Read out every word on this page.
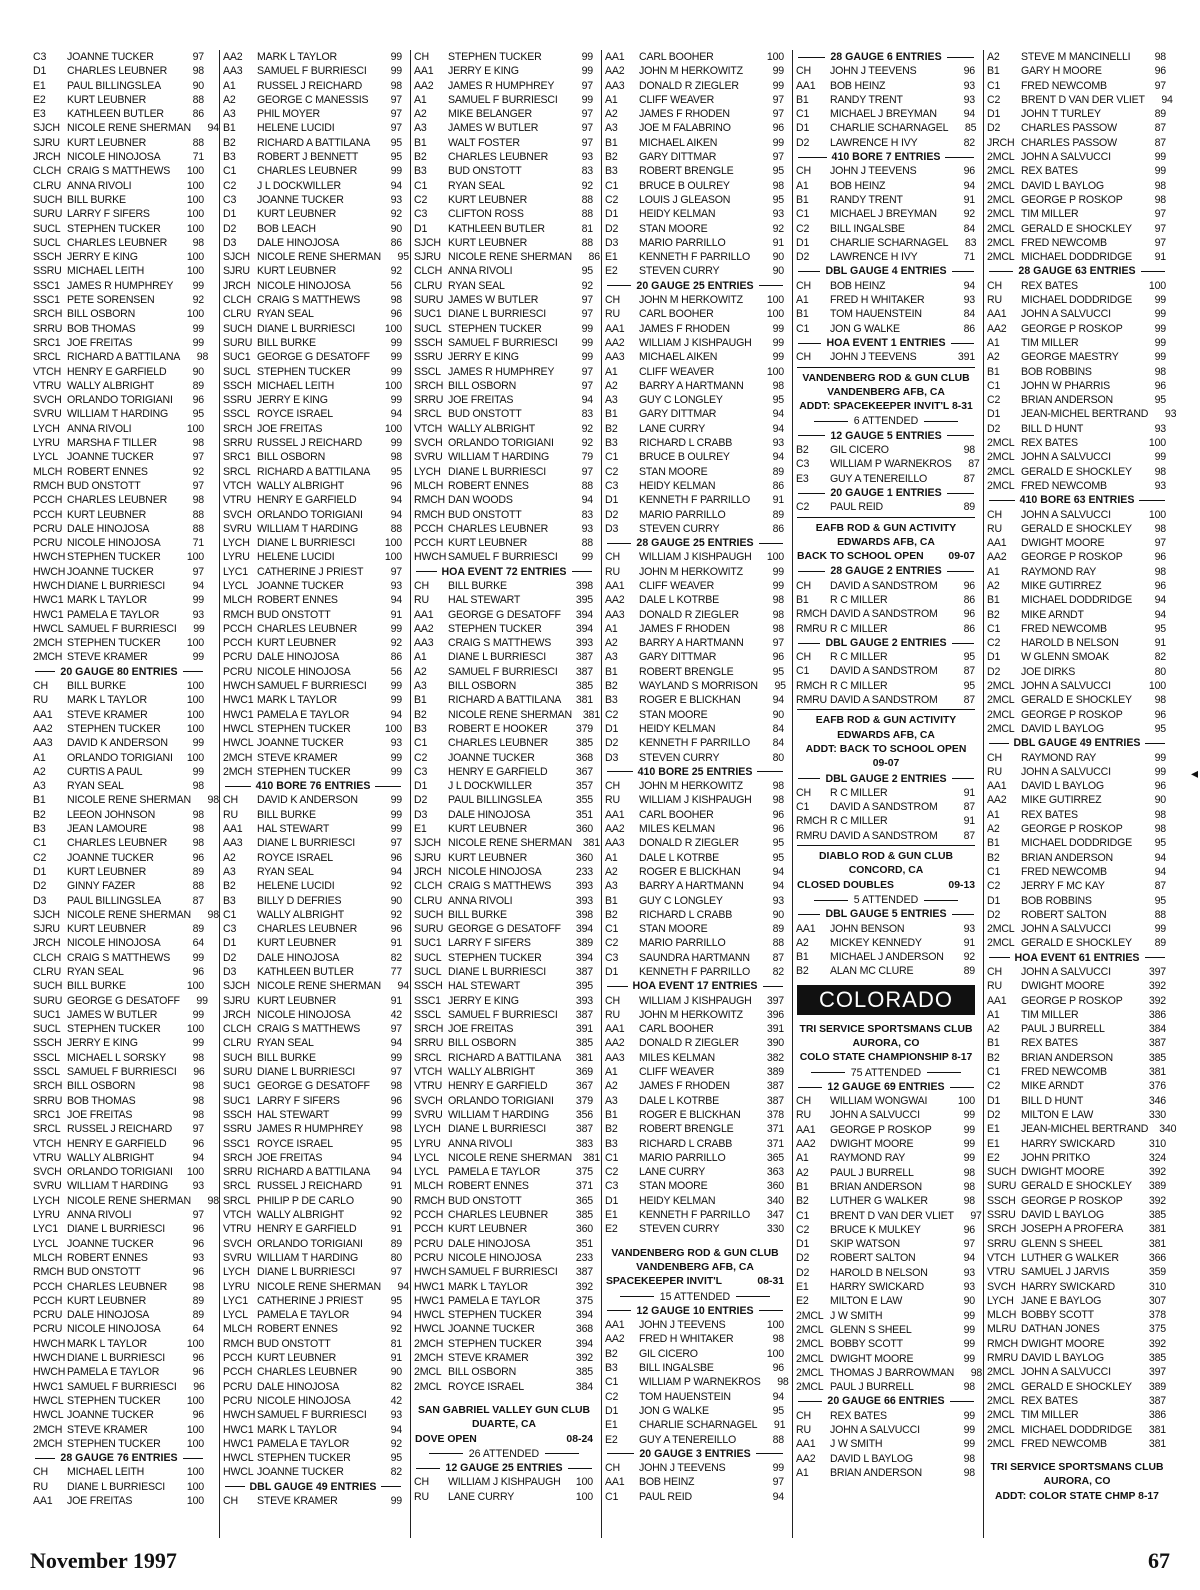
C3	JOANNE TUCKER	97
D1	CHARLES LEUBNER	98
E1	PAUL BILLINGSLEA	90
E2	KURT LEUBNER	88
E3	KATHLEEN BUTLER	86
SJCH NICOLE RENE SHERMAN	94
SJRU KURT LEUBNER	88
JRCH NICOLE HINOJOSA	71
CLCH CRAIG S MATTHEWS	100
CLRU ANNA RIVOLI	100
SUCH BILL BURKE	100
SURU LARRY F SIFERS	100
SUCL STEPHEN TUCKER	100
SUCL CHARLES LEUBNER	98
SSCH JERRY E KING	100
SSRU MICHAEL LEITH	100
SSC1 JAMES R HUMPHREY	99
SSC1 PETE SORENSEN	92
SRCH BILL OSBORN	100
SRRU BOB THOMAS	99
SRC1 JOE FREITAS	99
SRCL RICHARD A BATTILANA	98
VTCH HENRY E GARFIELD	90
VTRU WALLY ALBRIGHT	89
SVCH ORLANDO TORIGIANI	96
SVRU WILLIAM T HARDING	95
LYCH ANNA RIVOLI	100
LYRU MARSHA F TILLER	98
LYCL JOANNE TUCKER	97
MLCH ROBERT ENNES	92
RMCH BUD ONSTOTT	97
PCCH CHARLES LEUBNER	98
PCCH KURT LEUBNER	88
PCRU DALE HINOJOSA	88
PCRU NICOLE HINOJOSA	71
HWCH STEPHEN TUCKER	100
HWCH JOANNE TUCKER	97
HWCH DIANE L BURRIESCI	94
HWC1 MARK L TAYLOR	99
HWC1 PAMELA E TAYLOR	93
HWCL SAMUEL F BURRIESCI	99
2MCH STEPHEN TUCKER	100
2MCH STEVE KRAMER	99
20 GAUGE 80 ENTRIES
CH	BILL BURKE	100
RU	MARK L TAYLOR	100
AA1	STEVE KRAMER	100
AA2	STEPHEN TUCKER	100
AA3	DAVID K ANDERSON	99
A1	ORLANDO TORIGIANI	100
A2	CURTIS A PAUL	99
A3	RYAN SEAL	98
B1	NICOLE RENE SHERMAN	98
B2	LEEON JOHNSON	98
B3	JEAN LAMOURE	98
C1	CHARLES LEUBNER	98
C2	JOANNE TUCKER	96
D1	KURT LEUBNER	89
D2	GINNY FAZER	88
D3	PAUL BILLINGSLEA	87
SJCH NICOLE RENE SHERMAN	98
SJRU KURT LEUBNER	89
JRCH NICOLE HINOJOSA	64
CLCH CRAIG S MATTHEWS	99
CLRU RYAN SEAL	96
SUCH BILL BURKE	100
SURU GEORGE G DESATOFF	99
SUC1 JAMES W BUTLER	99
SUCL STEPHEN TUCKER	100
SSCH JERRY E KING	99
SSCL MICHAEL L SORSKY	98
SSCL SAMUEL F BURRIESCI	96
SRCH BILL OSBORN	98
SRRU BOB THOMAS	98
SRC1 JOE FREITAS	98
SRCL RUSSEL J REICHARD	97
VTCH HENRY E GARFIELD	96
VTRU WALLY ALBRIGHT	94
SVCH ORLANDO TORIGIANI	100
SVRU WILLIAM T HARDING	93
LYCH NICOLE RENE SHERMAN	98
LYRU ANNA RIVOLI	97
LYC1 DIANE L BURRIESCI	96
LYCL JOANNE TUCKER	96
MLCH ROBERT ENNES	93
RMCH BUD ONSTOTT	96
PCCH CHARLES LEUBNER	98
PCCH KURT LEUBNER	89
PCRU DALE HINOJOSA	89
PCRU NICOLE HINOJOSA	64
HWCH MARK L TAYLOR	100
HWCH DIANE L BURRIESCI	96
HWCH PAMELA E TAYLOR	96
HWC1 SAMUEL F BURRIESCI	96
HWCL STEPHEN TUCKER	100
HWCL JOANNE TUCKER	96
2MCH STEVE KRAMER	100
2MCH STEPHEN TUCKER	100
28 GAUGE 76 ENTRIES
CH	MICHAEL LEITH	100
RU	DIANE L BURRIESCI	100
AA1	JOE FREITAS	100
AA2	MARK L TAYLOR	99
AA3	SAMUEL F BURRIESCI	99
A1	RUSSEL J REICHARD	98
A2	GEORGE C MANESSIS	97
A3	PHIL MOYER	97
B1	HELENE LUCIDI	97
B2	RICHARD A BATTILANA	95
B3	ROBERT J BENNETT	95
C1	CHARLES LEUBNER	99
C2	J L DOCKWILLER	94
C3	JOANNE TUCKER	93
D1	KURT LEUBNER	92
D2	BOB LEACH	90
D3	DALE HINOJOSA	86
SJCH NICOLE RENE SHERMAN	95
SJRU KURT LEUBNER	92
JRCH NICOLE HINOJOSA	56
CLCH CRAIG S MATTHEWS	98
CLRU RYAN SEAL	96
SUCH DIANE L BURRIESCI	100
SURU BILL BURKE	99
SUC1 GEORGE G DESATOFF	99
SUCL STEPHEN TUCKER	99
SSCH MICHAEL LEITH	100
SSRU JERRY E KING	99
SSCL ROYCE ISRAEL	94
SRCH JOE FREITAS	100
SRRU RUSSEL J REICHARD	99
SRC1 BILL OSBORN	98
SRCL RICHARD A BATTILANA	95
VTCH WALLY ALBRIGHT	96
VTRU HENRY E GARFIELD	94
SVCH ORLANDO TORIGIANI	94
SVRU WILLIAM T HARDING	88
LYCH DIANE L BURRIESCI	100
LYRU HELENE LUCIDI	100
LYC1 CATHERINE J PRIEST	97
LYCL JOANNE TUCKER	93
MLCH ROBERT ENNES	94
RMCH BUD ONSTOTT	91
PCCH CHARLES LEUBNER	99
PCCH KURT LEUBNER	92
PCRU DALE HINOJOSA	86
PCRU NICOLE HINOJOSA	56
HWCH SAMUEL F BURRIESCI	99
HWC1 MARK L TAYLOR	99
HWC1 PAMELA E TAYLOR	94
HWCL STEPHEN TUCKER	100
HWCL JOANNE TUCKER	93
2MCH STEVE KRAMER	99
2MCH STEPHEN TUCKER	99
410 BORE 76 ENTRIES
CH	DAVID K ANDERSON	99
RU	BILL BURKE	99
AA1	HAL STEWART	99
AA3	DIANE L BURRIESCI	97
A2	ROYCE ISRAEL	96
A3	RYAN SEAL	94
B2	HELENE LUCIDI	92
B3	BILLY D DEFRIES	90
C1	WALLY ALBRIGHT	92
C3	CHARLES LEUBNER	96
D1	KURT LEUBNER	91
D2	DALE HINOJOSA	82
D3	KATHLEEN BUTLER	77
SJCH NICOLE RENE SHERMAN	94
SJRU KURT LEUBNER	91
JRCH NICOLE HINOJOSA	42
CLCH CRAIG S MATTHEWS	97
CLRU RYAN SEAL	94
SUCH BILL BURKE	99
SURU DIANE L BURRIESCI	97
SUC1 GEORGE G DESATOFF	98
SUC1 LARRY F SIFERS	96
SSCH HAL STEWART	99
SSRU JAMES R HUMPHREY	98
SSC1 ROYCE ISRAEL	95
SRCH JOE FREITAS	94
SRRU RICHARD A BATTILANA	94
SRCL RUSSEL J REICHARD	91
SRCL PHILIP P DE CARLO	90
VTCH WALLY ALBRIGHT	92
VTRU HENRY E GARFIELD	91
SVCH ORLANDO TORIGIANI	89
SVRU WILLIAM T HARDING	80
LYCH DIANE L BURRIESCI	97
LYRU NICOLE RENE SHERMAN	94
LYC1 CATHERINE J PRIEST	95
LYCL PAMELA E TAYLOR	94
MLCH ROBERT ENNES	92
RMCH BUD ONSTOTT	81
PCCH KURT LEUBNER	91
PCCH CHARLES LEUBNER	90
PCRU DALE HINOJOSA	82
PCRU NICOLE HINOJOSA	42
HWCH SAMUEL F BURRIESCI	93
HWC1 MARK L TAYLOR	94
HWC1 PAMELA E TAYLOR	92
HWCL STEPHEN TUCKER	95
HWCL JOANNE TUCKER	82
DBL GAUGE 49 ENTRIES
CH	STEVE KRAMER	99
CH	STEPHEN TUCKER	99
AA1	JERRY E KING	99
AA2	JAMES R HUMPHREY	97
A1	SAMUEL F BURRIESCI	99
A2	MIKE BELANGER	97
A3	JAMES W BUTLER	97
B1	WALT FOSTER	97
B2	CHARLES LEUBNER	93
B3	BUD ONSTOTT	83
C1	RYAN SEAL	92
C2	KURT LEUBNER	88
C3	CLIFTON ROSS	88
D1	KATHLEEN BUTLER	81
SJCH KURT LEUBNER	88
SJRU NICOLE RENE SHERMAN	86
CLCH ANNA RIVOLI	95
CLRU RYAN SEAL	92
SURU JAMES W BUTLER	97
SUC1 DIANE L BURRIESCI	97
SUCL STEPHEN TUCKER	99
SSCH SAMUEL F BURRIESCI	99
SSRU JERRY E KING	99
SSCL JAMES R HUMPHREY	97
SRCH BILL OSBORN	97
SRRU JOE FREITAS	94
SRCL BUD ONSTOTT	83
VTCH WALLY ALBRIGHT	92
SVCH ORLANDO TORIGIANI	92
SVRU WILLIAM T HARDING	79
LYCH DIANE L BURRIESCI	97
MLCH ROBERT ENNES	88
RMCH DAN WOODS	94
RMCH BUD ONSTOTT	83
PCCH CHARLES LEUBNER	93
PCCH KURT LEUBNER	88
HWCH SAMUEL F BURRIESCI	99
HOA EVENT 72 ENTRIES
CH	BILL BURKE	398
RU	HAL STEWART	395
AA1	GEORGE G DESATOFF	394
AA2	STEPHEN TUCKER	394
AA3	CRAIG S MATTHEWS	393
A1	DIANE L BURRIESCI	387
A2	SAMUEL F BURRIESCI	387
A3	BILL OSBORN	385
B1	RICHARD A BATTILANA	381
B2	NICOLE RENE SHERMAN	381
B3	ROBERT E HOOKER	379
C1	CHARLES LEUBNER	385
C2	JOANNE TUCKER	368
C3	HENRY E GARFIELD	367
D1	J L DOCKWILLER	357
D2	PAUL BILLINGSLEA	355
D3	DALE HINOJOSA	351
E1	KURT LEUBNER	360
SJCH NICOLE RENE SHERMAN	381
SJRU KURT LEUBNER	360
JRCH NICOLE HINOJOSA	233
CLCH CRAIG S MATTHEWS	393
CLRU ANNA RIVOLI	393
SUCH BILL BURKE	398
SURU GEORGE G DESATOFF	394
SUC1 LARRY F SIFERS	389
SUCL STEPHEN TUCKER	394
SUCL DIANE L BURRIESCI	387
SSCH HAL STEWART	395
SSC1 JERRY E KING	393
SSCL SAMUEL F BURRIESCI	387
SRCH JOE FREITAS	391
SRRU BILL OSBORN	385
SRCL RICHARD A BATTILANA	381
VTCH WALLY ALBRIGHT	369
VTRU HENRY E GARFIELD	367
SVCH ORLANDO TORIGIANI	379
SVRU WILLIAM T HARDING	356
LYCH DIANE L BURRIESCI	387
LYRU ANNA RIVOLI	383
LYCL NICOLE RENE SHERMAN	381
LYCL PAMELA E TAYLOR	375
MLCH ROBERT ENNES	371
RMCH BUD ONSTOTT	365
PCCH CHARLES LEUBNER	385
PCCH KURT LEUBNER	360
PCRU DALE HINOJOSA	351
PCRU NICOLE HINOJOSA	233
HWCH SAMUEL F BURRIESCI	387
HWC1 MARK L TAYLOR	392
HWC1 PAMELA E TAYLOR	375
HWCL STEPHEN TUCKER	394
HWCL JOANNE TUCKER	368
2MCH STEPHEN TUCKER	394
2MCH STEVE KRAMER	392
2MCL BILL OSBORN	385
2MCL ROYCE ISRAEL	384
SAN GABRIEL VALLEY GUN CLUB
DUARTE, CA
DOVE OPEN	08-24
26 ATTENDED
12 GAUGE 25 ENTRIES
CH	WILLIAM J KISHPAUGH	100
RU	LANE CURRY	100
AA1	CARL BOOHER	100
AA2	JOHN M HERKOWITZ	99
AA3	DONALD R ZIEGLER	99
A1	CLIFF WEAVER	97
A2	JAMES F RHODEN	97
A3	JOE M FALABRINO	96
B1	MICHAEL AIKEN	99
B2	GARY DITTMAR	97
B3	ROBERT BRENGLE	95
C1	BRUCE B OULREY	98
C2	LOUIS J GLEASON	95
D1	HEIDY KELMAN	93
D2	STAN MOORE	92
D3	MARIO PARRILLO	91
E1	KENNETH F PARRILLO	90
E2	STEVEN CURRY	90
20 GAUGE 25 ENTRIES
CH	JOHN M HERKOWITZ	100
RU	CARL BOOHER	100
AA1	JAMES F RHODEN	99
AA2	WILLIAM J KISHPAUGH	99
AA3	MICHAEL AIKEN	99
A1	CLIFF WEAVER	100
A2	BARRY A HARTMANN	98
A3	GUY C LONGLEY	95
B1	GARY DITTMAR	94
B2	LANE CURRY	94
B3	RICHARD L CRABB	93
C1	BRUCE B OULREY	94
C2	STAN MOORE	89
C3	HEIDY KELMAN	86
D1	KENNETH F PARRILLO	91
D2	MARIO PARRILLO	89
D3	STEVEN CURRY	86
28 GAUGE 25 ENTRIES
CH	WILLIAM J KISHPAUGH	100
RU	JOHN M HERKOWITZ	99
AA1	CLIFF WEAVER	99
AA2	DALE L KOTRBE	98
AA3	DONALD R ZIEGLER	98
A1	JAMES F RHODEN	98
A2	BARRY A HARTMANN	97
A3	GARY DITTMAR	96
B1	ROBERT BRENGLE	95
B2	WAYLAND S MORRISON	95
B3	ROGER E BLICKHAN	94
C2	STAN MOORE	90
D1	HEIDY KELMAN	84
D2	KENNETH F PARRILLO	84
D3	STEVEN CURRY	80
410 BORE 25 ENTRIES
CH	JOHN M HERKOWITZ	98
RU	WILLIAM J KISHPAUGH	98
AA1	CARL BOOHER	96
AA2	MILES KELMAN	96
AA3	DONALD R ZIEGLER	95
A1	DALE L KOTRBE	95
A2	ROGER E BLICKHAN	94
A3	BARRY A HARTMANN	94
B1	GUY C LONGLEY	93
B2	RICHARD L CRABB	90
C1	STAN MOORE	89
C2	MARIO PARRILLO	88
C3	SAUNDRA HARTMANN	87
D1	KENNETH F PARRILLO	82
HOA EVENT 17 ENTRIES
CH	WILLIAM J KISHPAUGH	397
RU	JOHN M HERKOWITZ	396
AA1	CARL BOOHER	391
AA2	DONALD R ZIEGLER	390
AA3	MILES KELMAN	382
A1	CLIFF WEAVER	389
A2	JAMES F RHODEN	387
A3	DALE L KOTRBE	387
B1	ROGER E BLICKHAN	378
B2	ROBERT BRENGLE	371
B3	RICHARD L CRABB	371
C1	MARIO PARRILLO	365
C2	LANE CURRY	363
C3	STAN MOORE	360
D1	HEIDY KELMAN	340
E1	KENNETH F PARRILLO	347
E2	STEVEN CURRY	330
VANDENBERG ROD & GUN CLUB
VANDENBERG AFB, CA
SPACEKEEPER INVIT'L	08-31
15 ATTENDED
12 GAUGE 10 ENTRIES
AA1	JOHN J TEEVENS	100
AA2	FRED H WHITAKER	98
B2	GIL CICERO	100
B3	BILL INGALSBE	96
C1	WILLIAM P WARNEKROS	98
C2	TOM HAUENSTEIN	94
D1	JON G WALKE	95
E1	CHARLIE SCHARNAGEL	91
E2	GUY A TENEREILLO	88
20 GAUGE 3 ENTRIES
CH	JOHN J TEEVENS	99
AA1	BOB HEINZ	97
C1	PAUL REID	94
28 GAUGE 6 ENTRIES
CH	JOHN J TEEVENS	96
AA1	BOB HEINZ	93
B1	RANDY TRENT	93
C1	MICHAEL J BREYMAN	94
D1	CHARLIE SCHARNAGEL	85
D2	LAWRENCE H IVY	82
410 BORE 7 ENTRIES
CH	JOHN J TEEVENS	96
A1	BOB HEINZ	94
B1	RANDY TRENT	91
C1	MICHAEL J BREYMAN	92
C2	BILL INGALSBE	84
D1	CHARLIE SCHARNAGEL	83
D2	LAWRENCE H IVY	71
DBL GAUGE 4 ENTRIES
CH	BOB HEINZ	94
A1	FRED H WHITAKER	93
B1	TOM HAUENSTEIN	84
C1	JON G WALKE	86
HOA EVENT 1 ENTRIES
CH	JOHN J TEEVENS	391
VANDENBERG ROD & GUN CLUB
VANDENBERG AFB, CA
ADDT: SPACEKEEPER INVIT'L 8-31
6 ATTENDED
12 GAUGE 5 ENTRIES
B2	GIL CICERO	98
C3	WILLIAM P WARNEKROS	87
E3	GUY A TENEREILLO	87
20 GAUGE 1 ENTRIES
C2	PAUL REID	89
EAFB ROD & GUN ACTIVITY
EDWARDS AFB, CA
BACK TO SCHOOL OPEN 09-07
28 GAUGE 2 ENTRIES
CH	DAVID A SANDSTROM	96
B1	R C MILLER	86
RMCH DAVID A SANDSTROM	96
RMRU R C MILLER	86
DBL GAUGE 2 ENTRIES
CH	R C MILLER	95
C1	DAVID A SANDSTROM	87
RMCH R C MILLER	95
RMRU DAVID A SANDSTROM	87
EAFB ROD & GUN ACTIVITY
EDWARDS AFB, CA
ADDT: BACK TO SCHOOL OPEN
09-07
DBL GAUGE 2 ENTRIES
CH	R C MILLER	91
C1	DAVID A SANDSTROM	87
RMCH R C MILLER	91
RMRU DAVID A SANDSTROM	87
DIABLO ROD & GUN CLUB
CONCORD, CA
CLOSED DOUBLES	09-13
5 ATTENDED
DBL GAUGE 5 ENTRIES
AA1	JOHN BENSON	93
A2	MICKEY KENNEDY	91
B1	MICHAEL J ANDERSON	92
B2	ALAN MC CLURE	89
COLORADO
TRI SERVICE SPORTSMANS CLUB
AURORA, CO
COLO STATE CHAMPIONSHIP 8-17
75 ATTENDED
12 GAUGE 69 ENTRIES
CH	WILLIAM WONGWAI	100
RU	JOHN A SALVUCCI	99
AA1	GEORGE P ROSKOP	99
AA2	DWIGHT MOORE	99
A1	RAYMOND RAY	99
A2	PAUL J BURRELL	98
B1	BRIAN ANDERSON	98
B2	LUTHER G WALKER	98
C1	BRENT D VAN DER VLIET	97
C2	BRUCE K MULKEY	96
D1	SKIP WATSON	97
D2	ROBERT SALTON	94
D2	HAROLD B NELSON	93
E1	HARRY SWICKARD	93
E2	MILTON E LAW	90
2MCL J W SMITH	99
2MCL GLENN S SHEEL	99
2MCL BOBBY SCOTT	99
2MCL DWIGHT MOORE	99
2MCL THOMAS J BARROWMAN	98
2MCL PAUL J BURRELL	98
20 GAUGE 66 ENTRIES
CH	REX BATES	99
RU	JOHN A SALVUCCI	99
AA1	J W SMITH	99
AA2	DAVID L BAYLOG	98
A1	BRIAN ANDERSON	98
A2	STEVE M MANCINELLI	98
B1	GARY H MOORE	96
C1	FRED NEWCOMB	97
C2	BRENT D VAN DER VLIET	94
D1	JOHN T TURLEY	89
D2	CHARLES PASSOW	87
JRCH CHARLES PASSOW	87
2MCL JOHN A SALVUCCI	99
2MCL REX BATES	99
2MCL DAVID L BAYLOG	98
2MCL GEORGE P ROSKOP	98
2MCL TIM MILLER	97
2MCL GERALD E SHOCKLEY	97
2MCL FRED NEWCOMB	97
2MCL MICHAEL DODDRIDGE	91
28 GAUGE 63 ENTRIES
CH	REX BATES	100
RU	MICHAEL DODDRIDGE	99
AA1	JOHN A SALVUCCI	99
AA2	GEORGE P ROSKOP	99
A1	TIM MILLER	99
A2	GEORGE MAESTRY	99
B1	BOB ROBBINS	98
C1	JOHN W PHARRIS	96
C2	BRIAN ANDERSON	95
D1	JEAN-MICHEL BERTRAND	93
D2	BILL D HUNT	93
2MCL REX BATES	100
2MCL JOHN A SALVUCCI	99
2MCL GERALD E SHOCKLEY	98
2MCL FRED NEWCOMB	93
410 BORE 63 ENTRIES
CH	JOHN A SALVUCCI	100
RU	GERALD E SHOCKLEY	98
AA1	DWIGHT MOORE	97
AA2	GEORGE P ROSKOP	96
A1	RAYMOND RAY	98
A2	MIKE GUTIRREZ	96
B1	MICHAEL DODDRIDGE	94
B2	MIKE ARNDT	94
C1	FRED NEWCOMB	95
C2	HAROLD B NELSON	91
D1	W GLENN SMOAK	82
D2	JOE DIRKS	80
2MCL JOHN A SALVUCCI	100
2MCL GERALD E SHOCKLEY	98
2MCL GEORGE P ROSKOP	96
2MCL DAVID L BAYLOG	95
DBL GAUGE 49 ENTRIES
CH	RAYMOND RAY	99
RU	JOHN A SALVUCCI	99
AA1	DAVID L BAYLOG	96
AA2	MIKE GUTIRREZ	90
A1	REX BATES	98
A2	GEORGE P ROSKOP	98
B1	MICHAEL DODDRIDGE	95
B2	BRIAN ANDERSON	94
C1	FRED NEWCOMB	94
C2	JERRY F MC KAY	87
D1	BOB ROBBINS	95
D2	ROBERT SALTON	88
2MCL JOHN A SALVUCCI	99
2MCL GERALD E SHOCKLEY	89
HOA EVENT 61 ENTRIES
CH	JOHN A SALVUCCI	397
RU	DWIGHT MOORE	392
AA1	GEORGE P ROSKOP	392
A1	TIM MILLER	386
A2	PAUL J BURRELL	384
B1	REX BATES	387
B2	BRIAN ANDERSON	385
C1	FRED NEWCOMB	381
C2	MIKE ARNDT	376
D1	BILL D HUNT	346
D2	MILTON E LAW	330
E1	JEAN-MICHEL BERTRAND	340
E1	HARRY SWICKARD	310
E2	JOHN PRITKO	324
SUCH DWIGHT MOORE	392
SURU GERALD E SHOCKLEY	389
SSCH GEORGE P ROSKOP	392
SSRU DAVID L BAYLOG	385
SRCH JOSEPH A PROFERA	381
SRRU GLENN S SHEEL	381
VTCH LUTHER G WALKER	366
VTRU SAMUEL J JARVIS	359
SVCH HARRY SWICKARD	310
LYCH JANE E BAYLOG	307
MLCH BOBBY SCOTT	378
MLRU DATHAN JONES	375
RMCH DWIGHT MOORE	392
RMRU DAVID L BAYLOG	385
2MCL JOHN A SALVUCCI	397
2MCL GERALD E SHOCKLEY	389
2MCL REX BATES	387
2MCL TIM MILLER	386
2MCL MICHAEL DODDRIDGE	381
2MCL FRED NEWCOMB	381
TRI SERVICE SPORTSMANS CLUB
AURORA, CO
ADDT: COLOR STATE CHMP 8-17
November 1997	67
◂
